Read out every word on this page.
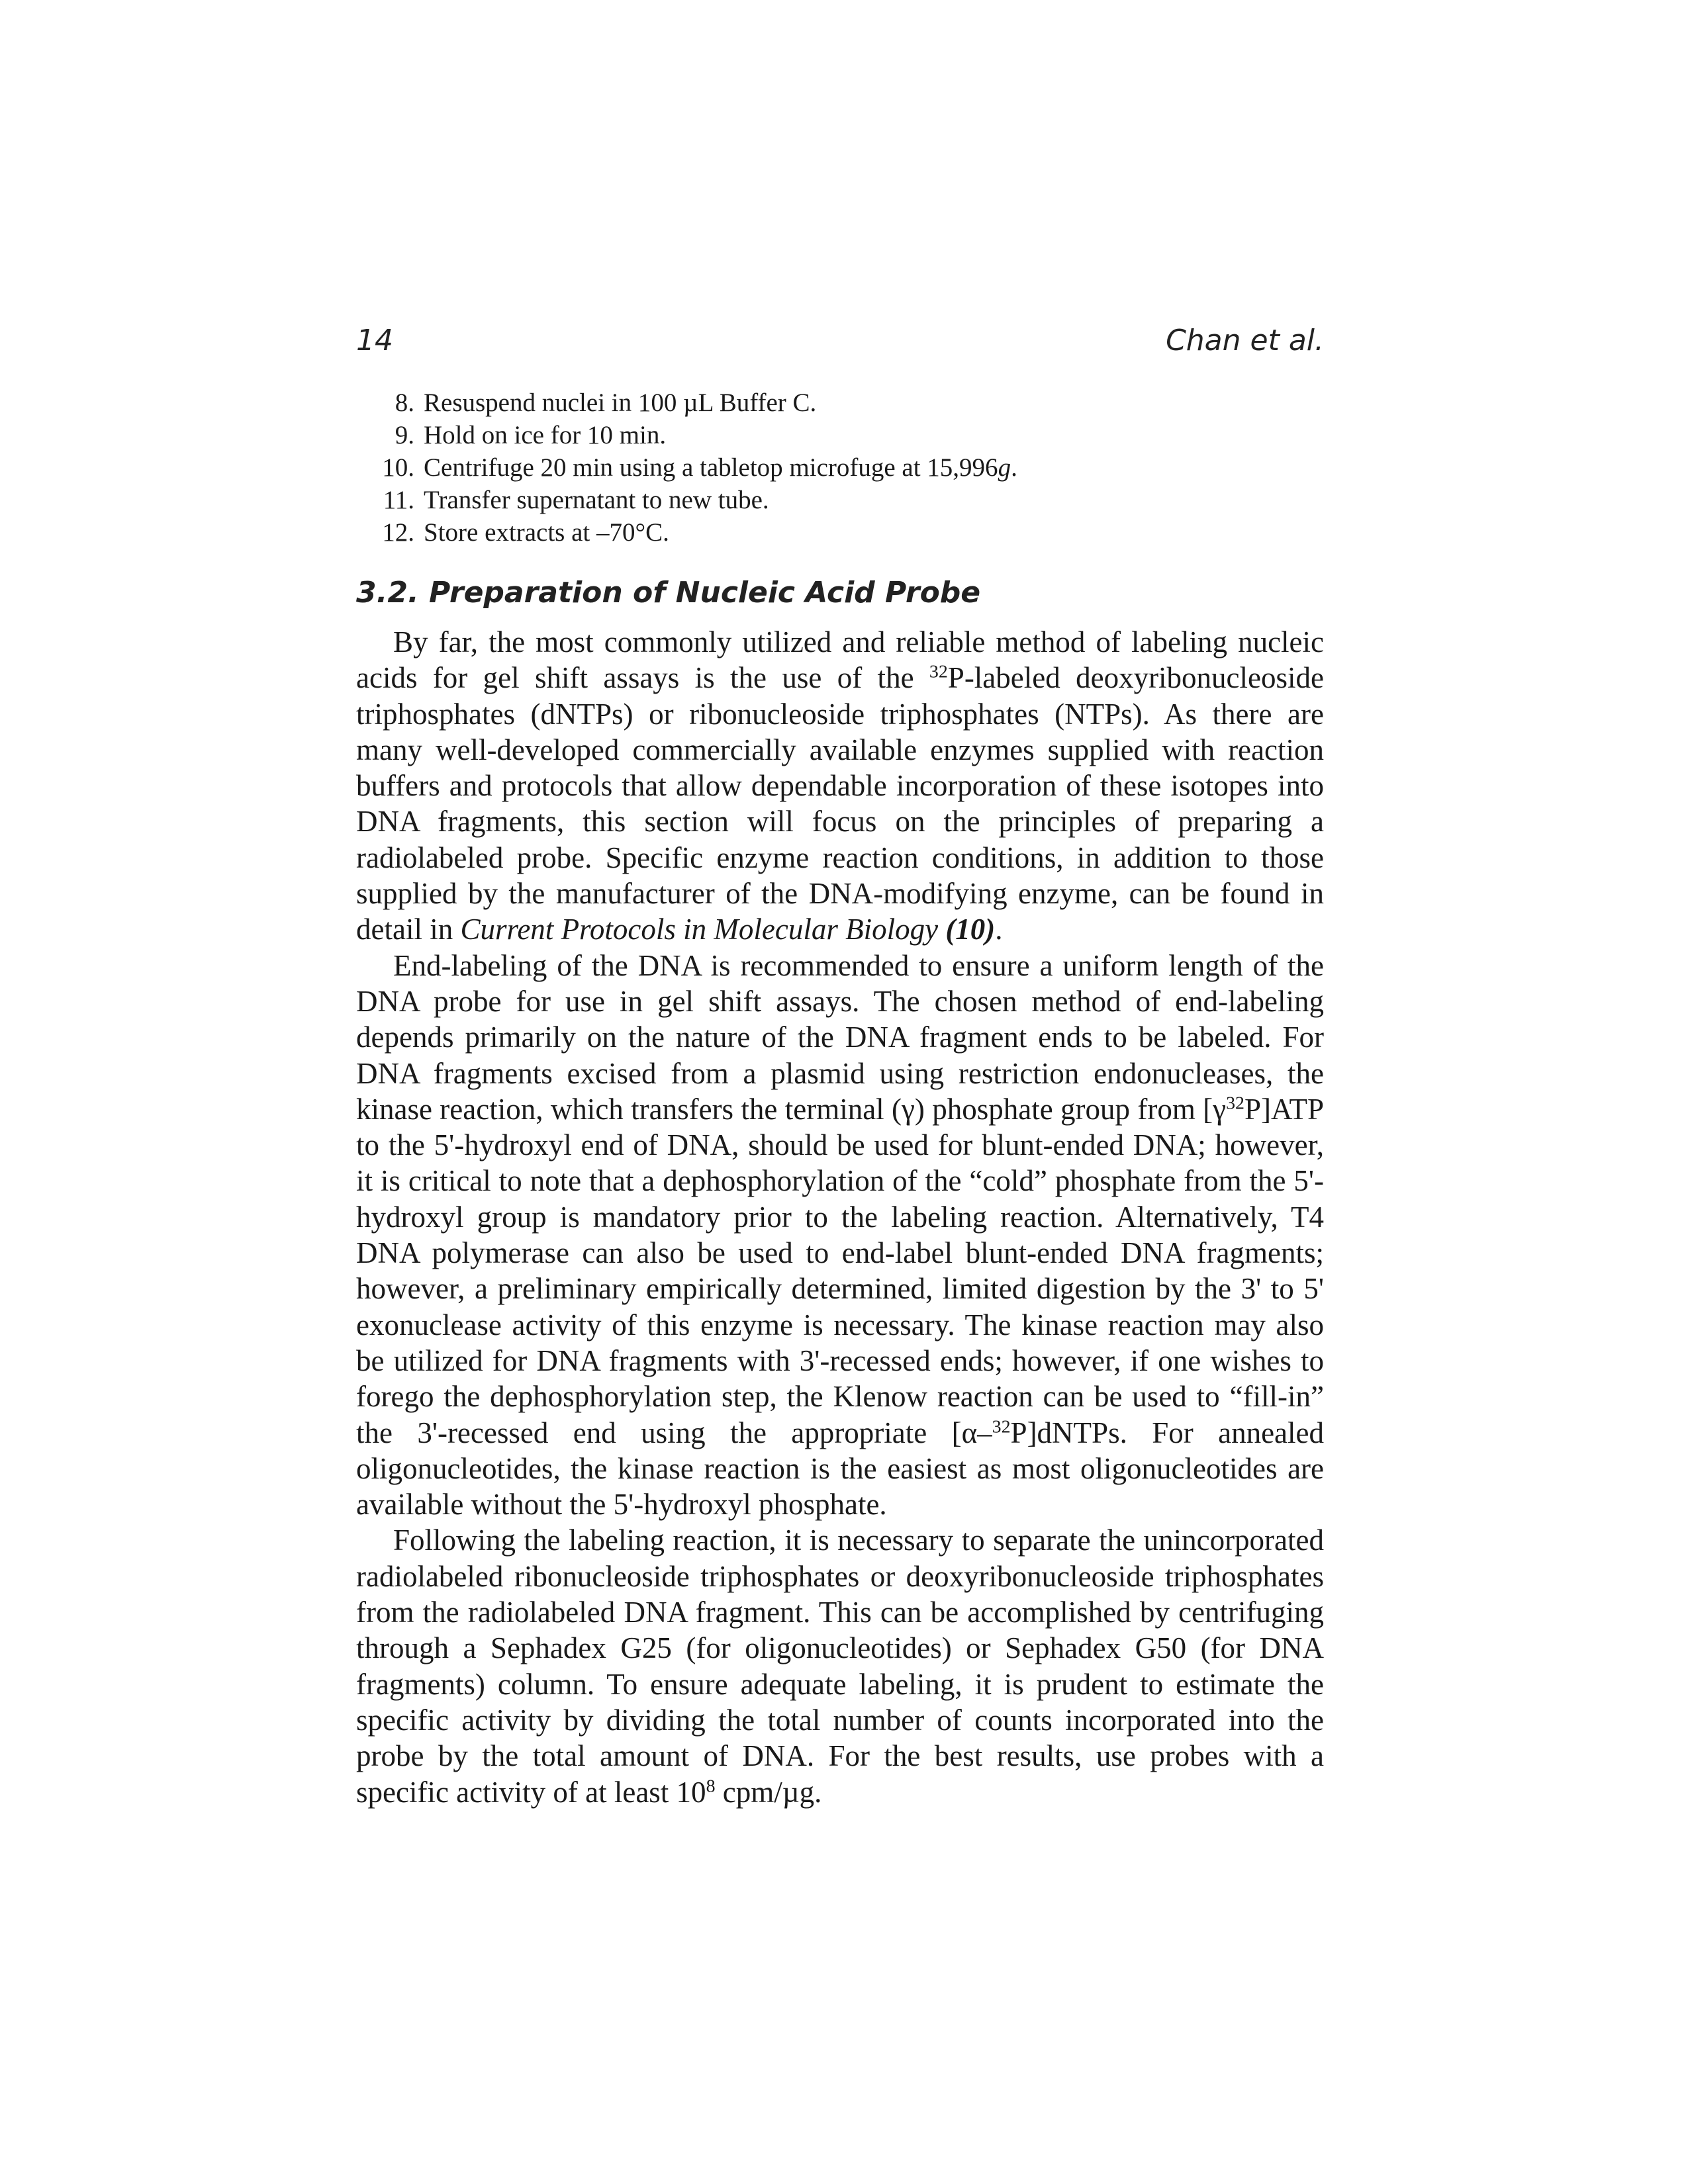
14	Chan et al.
8. Resuspend nuclei in 100 µL Buffer C.
9. Hold on ice for 10 min.
10. Centrifuge 20 min using a tabletop microfuge at 15,996g.
11. Transfer supernatant to new tube.
12. Store extracts at –70°C.
3.2. Preparation of Nucleic Acid Probe

By far, the most commonly utilized and reliable method of labeling nucleic acids for gel shift assays is the use of the $^{32}$P-labeled deoxyribonucleoside triphosphates (dNTPs) or ribonucleoside triphosphates (NTPs). As there are many well-developed commercially available enzymes supplied with reaction buffers and protocols that allow dependable incorporation of these isotopes into DNA fragments, this section will focus on the principles of preparing a radiolabeled probe. Specific enzyme reaction conditions, in addition to those supplied by the manufacturer of the DNA-modifying enzyme, can be found in detail in Current Protocols in Molecular Biology (10).

End-labeling of the DNA is recommended to ensure a uniform length of the DNA probe for use in gel shift assays. The chosen method of end-labeling depends primarily on the nature of the DNA fragment ends to be labeled. For DNA fragments excised from a plasmid using restriction endonucleases, the kinase reaction, which transfers the terminal (γ) phosphate group from $[\gamma^{32}P]ATP$ to the 5'-hydroxyl end of DNA, should be used for blunt-ended DNA; however, it is critical to note that a dephosphorylation of the “cold” phosphate from the 5'-hydroxyl group is mandatory prior to the labeling reaction. Alternatively, T4 DNA polymerase can also be used to end-label blunt-ended DNA fragments; however, a preliminary empirically determined, limited digestion by the 3' to 5' exonuclease activity of this enzyme is necessary. The kinase reaction may also be utilized for DNA fragments with 3'-recessed ends; however, if one wishes to forego the dephosphorylation step, the Klenow reaction can be used to “fill-in” the 3'-recessed end using the appropriate [α–$^{32}$P]dNTPs. For annealed oligonucleotides, the kinase reaction is the easiest as most oligonucleotides are available without the 5'-hydroxyl phosphate.

Following the labeling reaction, it is necessary to separate the unincorporated radiolabeled ribonucleoside triphosphates or deoxyribonucleoside triphosphates from the radiolabeled DNA fragment. This can be accomplished by centrifuging through a Sephadex G25 (for oligonucleotides) or Sephadex G50 (for DNA fragments) column. To ensure adequate labeling, it is prudent to estimate the specific activity by dividing the total number of counts incorporated into the probe by the total amount of DNA. For the best results, use probes with a specific activity of at least $10^8$ cpm/µg.
